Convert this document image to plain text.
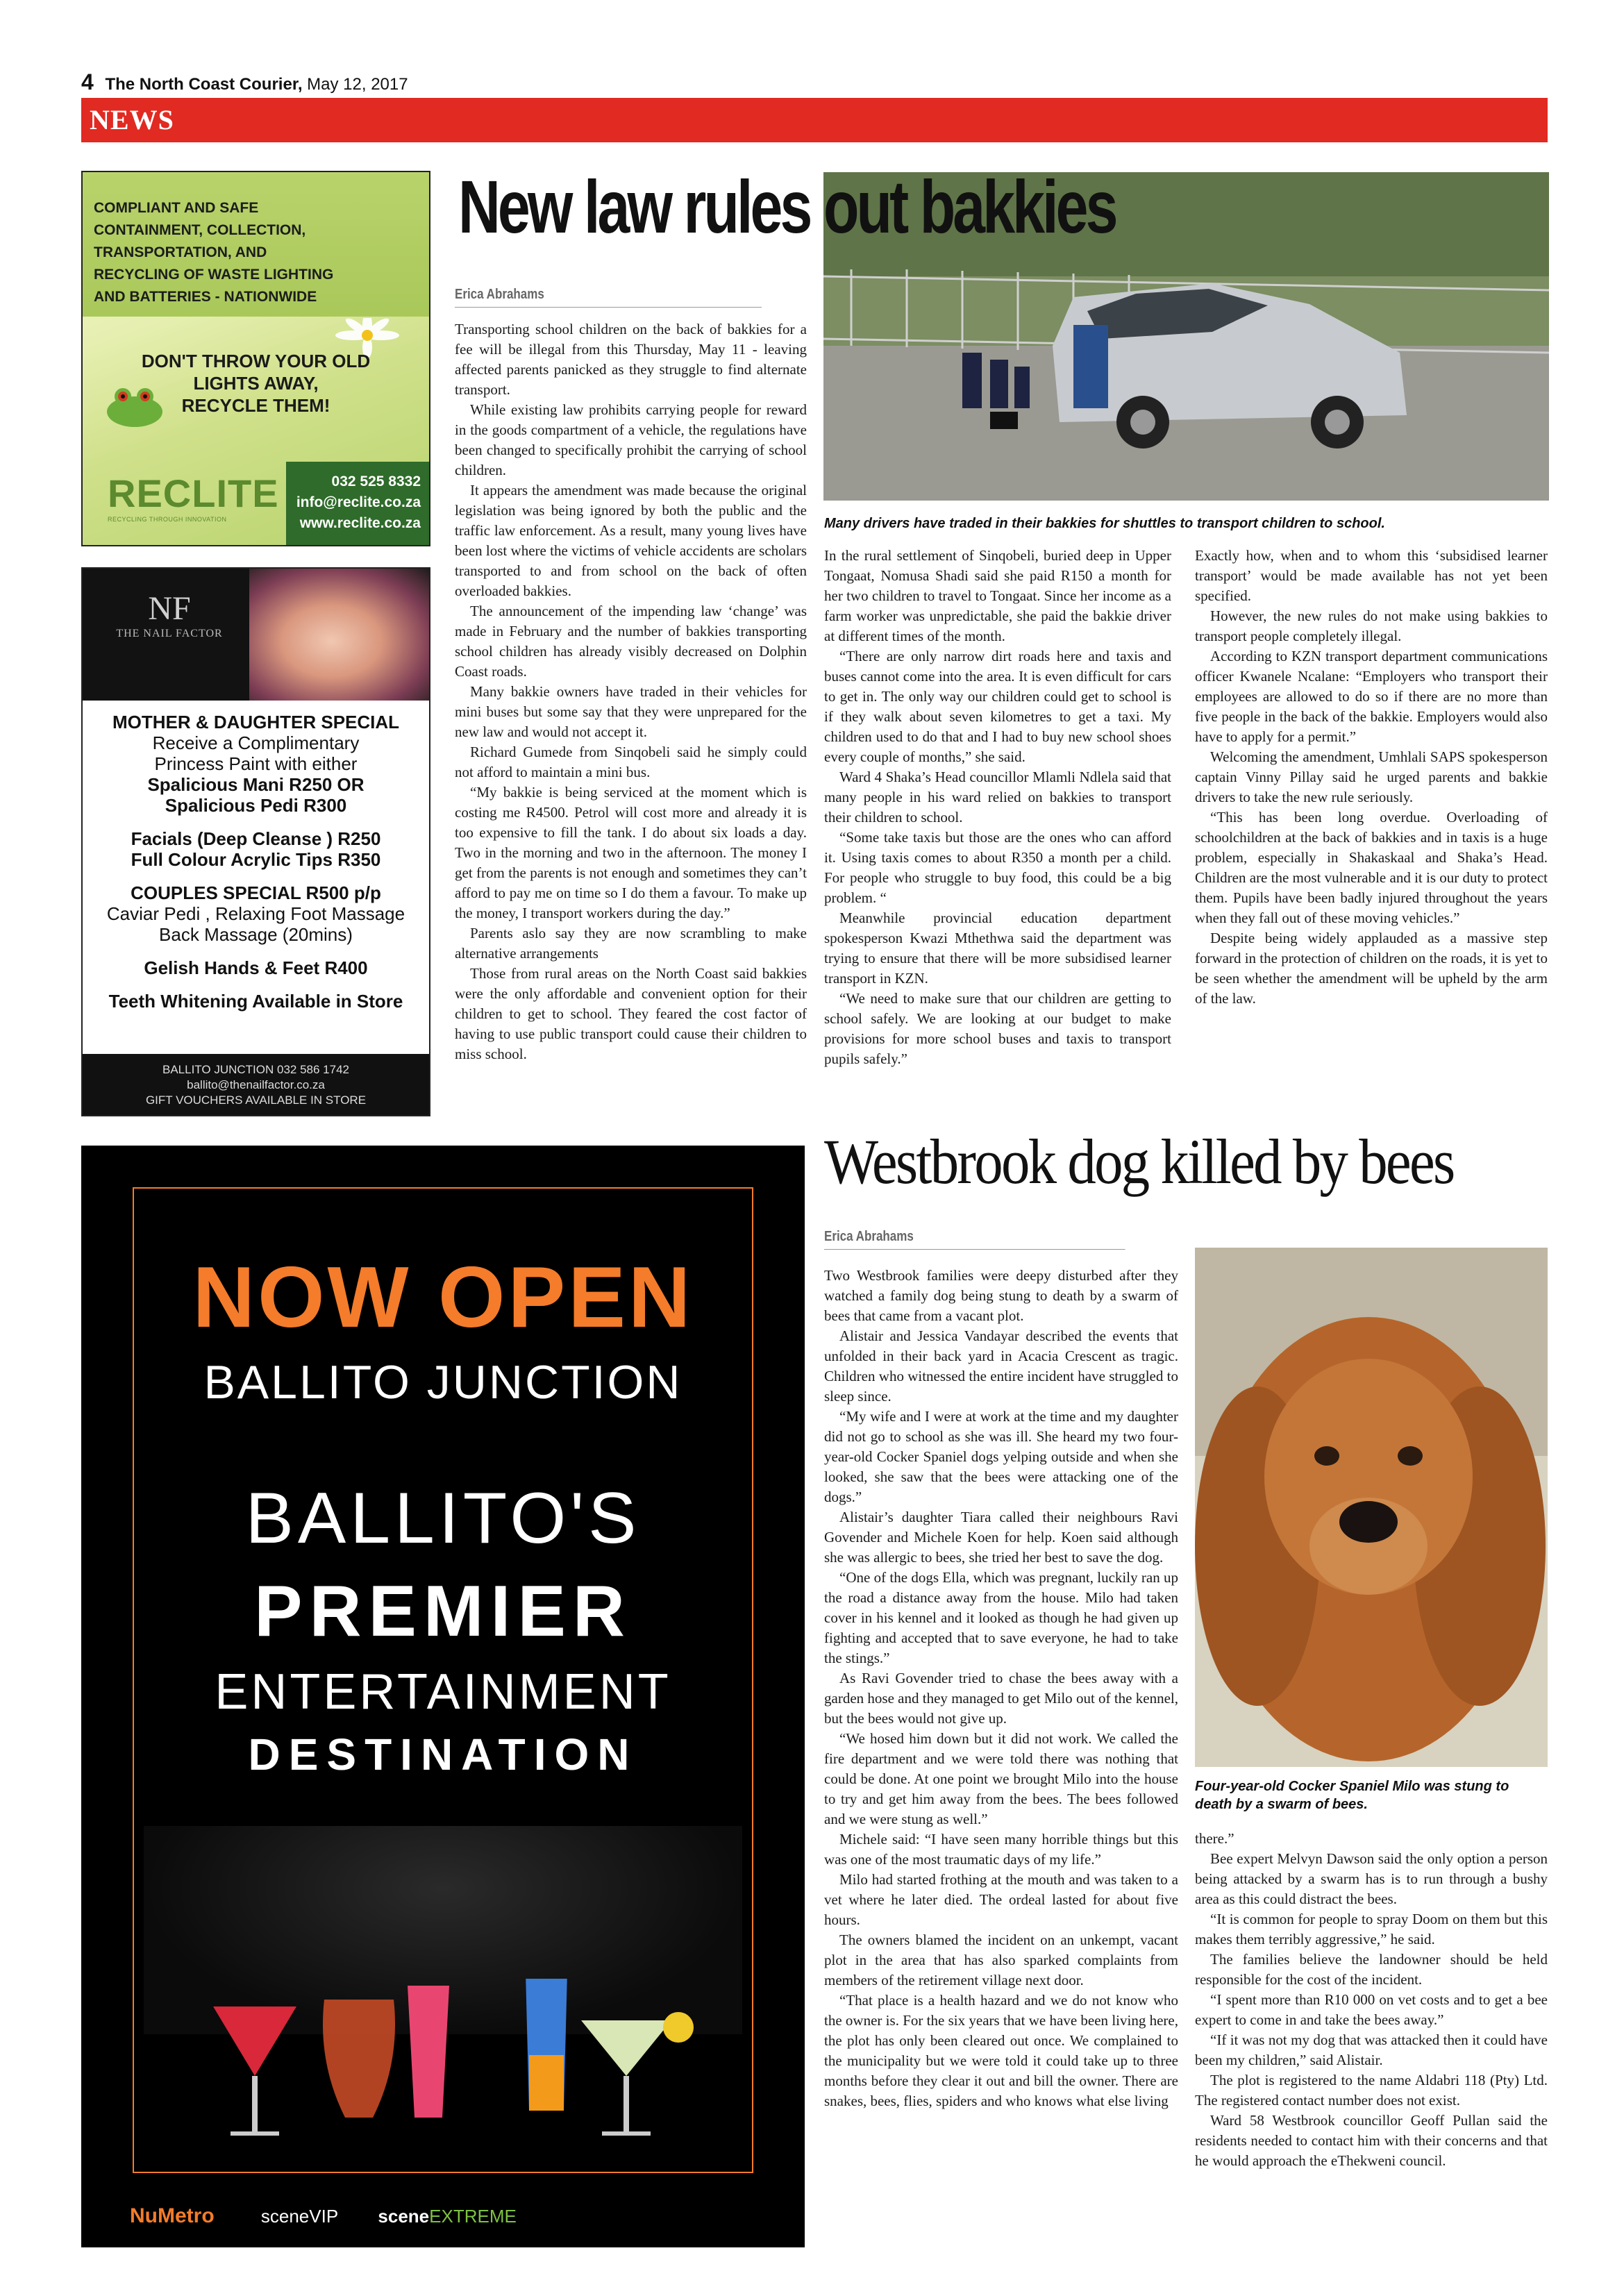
4 The North Coast Courier, May 12, 2017
NEWS
COMPLIANT AND SAFE
CONTAINMENT, COLLECTION,
TRANSPORTATION, AND
RECYCLING OF WASTE LIGHTING
AND BATTERIES - NATIONWIDE
DON'T THROW YOUR OLD
LIGHTS AWAY,
RECYCLE THEM!
RECLITE
RECYCLING THROUGH INNOVATION
032 525 8332
info@reclite.co.za
www.reclite.co.za
NF
THE NAIL FACTOR

MOTHER & DAUGHTER SPECIAL

Receive a Complimentary

Princess Paint with either

Spalicious Mani R250 OR

Spalicious Pedi R300

Facials (Deep Cleanse ) R250

Full Colour Acrylic Tips R350

COUPLES SPECIAL R500 p/p

Caviar Pedi , Relaxing Foot Massage

Back Massage (20mins)

Gelish Hands & Feet R400

Teeth Whitening Available in Store

BALLITO JUNCTION 032 586 1742
ballito@thenailfactor.co.za
GIFT VOUCHERS AVAILABLE IN STORE
NOW OPEN
BALLITO JUNCTION
BALLITO'S
PREMIER
ENTERTAINMENT
DESTINATION
NuMetro	sceneVIP sceneEXTREME
New law rules out bakkies
Erica Abrahams
Many drivers have traded in their bakkies for shuttles to transport children to school.

Transporting school children on the back of bakkies for a fee will be illegal from this Thursday, May 11 - leaving affected parents panicked as they struggle to find alternate transport.

While existing law prohibits carrying people for reward in the goods compartment of a vehicle, the regulations have been changed to specifically prohibit the carrying of school children.

It appears the amendment was made because the original legislation was being ignored by both the public and the traffic law enforcement. As a result, many young lives have been lost where the victims of vehicle accidents are scholars transported to and from school on the back of often overloaded bakkies.

The announcement of the impending law ‘change’ was made in February and the number of bakkies transporting school children has already visibly decreased on Dolphin Coast roads.

Many bakkie owners have traded in their vehicles for mini buses but some say that they were unprepared for the new law and would not accept it.

Richard Gumede from Sinqobeli said he simply could not afford to maintain a mini bus.

“My bakkie is being serviced at the moment which is costing me R4500. Petrol will cost more and already it is too expensive to fill the tank. I do about six loads a day. Two in the morning and two in the afternoon. The money I get from the parents is not enough and sometimes they can’t afford to pay me on time so I do them a favour. To make up the money, I transport workers during the day.”

Parents aslo say they are now scrambling to make alternative arrangements

Those from rural areas on the North Coast said bakkies were the only affordable and convenient option for their children to get to school. They feared the cost factor of having to use public transport could cause their children to miss school.

In the rural settlement of Sinqobeli, buried deep in Upper Tongaat, Nomusa Shadi said she paid R150 a month for her two children to travel to Tongaat. Since her income as a farm worker was unpredictable, she paid the bakkie driver at different times of the month.

“There are only narrow dirt roads here and taxis and buses cannot come into the area. It is even difficult for cars to get in. The only way our children could get to school is if they walk about seven kilometres to get a taxi. My children used to do that and I had to buy new school shoes every couple of months,” she said.

Ward 4 Shaka’s Head councillor Mlamli Ndlela said that many people in his ward relied on bakkies to transport their children to school.

“Some take taxis but those are the ones who can afford it. Using taxis comes to about R350 a month per a child. For people who struggle to buy food, this could be a big problem. “

Meanwhile provincial education department spokesperson Kwazi Mthethwa said the department was trying to ensure that there will be more subsidised learner transport in KZN.

“We need to make sure that our children are getting to school safely. We are looking at our budget to make provisions for more school buses and taxis to transport pupils safely.”

Exactly how, when and to whom this ‘subsidised learner transport’ would be made available has not yet been specified.

However, the new rules do not make using bakkies to transport people completely illegal.

According to KZN transport department communications officer Kwanele Ncalane: “Employers who transport their employees are allowed to do so if there are no more than five people in the back of the bakkie. Employers would also have to apply for a permit.”

Welcoming the amendment, Umhlali SAPS spokesperson captain Vinny Pillay said he urged parents and bakkie drivers to take the new rule seriously.

“This has been long overdue. Overloading of schoolchildren at the back of bakkies and in taxis is a huge problem, especially in Shakaskaal and Shaka’s Head. Children are the most vulnerable and it is our duty to protect them. Pupils have been badly injured throughout the years when they fall out of these moving vehicles.”

Despite being widely applauded as a massive step forward in the protection of children on the roads, it is yet to be seen whether the amendment will be upheld by the arm of the law.

Westbrook dog killed by bees
Erica Abrahams
Four-year-old Cocker Spaniel Milo was stung to death by a swarm of bees.

Two Westbrook families were deepy disturbed after they watched a family dog being stung to death by a swarm of bees that came from a vacant plot.

Alistair and Jessica Vandayar described the events that unfolded in their back yard in Acacia Crescent as tragic. Children who witnessed the entire incident have struggled to sleep since.

“My wife and I were at work at the time and my daughter did not go to school as she was ill. She heard my two four-year-old Cocker Spaniel dogs yelping outside and when she looked, she saw that the bees were attacking one of the dogs.”

Alistair’s daughter Tiara called their neighbours Ravi Govender and Michele Koen for help. Koen said although she was allergic to bees, she tried her best to save the dog.

“One of the dogs Ella, which was pregnant, luckily ran up the road a distance away from the house. Milo had taken cover in his kennel and it looked as though he had given up fighting and accepted that to save everyone, he had to take the stings.”

As Ravi Govender tried to chase the bees away with a garden hose and they managed to get Milo out of the kennel, but the bees would not give up.

“We hosed him down but it did not work. We called the fire department and we were told there was nothing that could be done. At one point we brought Milo into the house to try and get him away from the bees. The bees followed and we were stung as well.”

Michele said: “I have seen many horrible things but this was one of the most traumatic days of my life.”

Milo had started frothing at the mouth and was taken to a vet where he later died. The ordeal lasted for about five hours.

The owners blamed the incident on an unkempt, vacant plot in the area that has also sparked complaints from members of the retirement village next door.

“That place is a health hazard and we do not know who the owner is. For the six years that we have been living here, the plot has only been cleared out once. We complained to the municipality but we were told it could take up to three months before they clear it out and bill the owner. There are snakes, bees, flies, spiders and who knows what else living

there.”

Bee expert Melvyn Dawson said the only option a person being attacked by a swarm has is to run through a bushy area as this could distract the bees.

“It is common for people to spray Doom on them but this makes them terribly aggressive,” he said.

The families believe the landowner should be held responsible for the cost of the incident.

“I spent more than R10 000 on vet costs and to get a bee expert to come in and take the bees away.”

“If it was not my dog that was attacked then it could have been my children,” said Alistair.

The plot is registered to the name Aldabri 118 (Pty) Ltd. The registered contact number does not exist.

Ward 58 Westbrook councillor Geoff Pullan said the residents needed to contact him with their concerns and that he would approach the eThekweni council.
